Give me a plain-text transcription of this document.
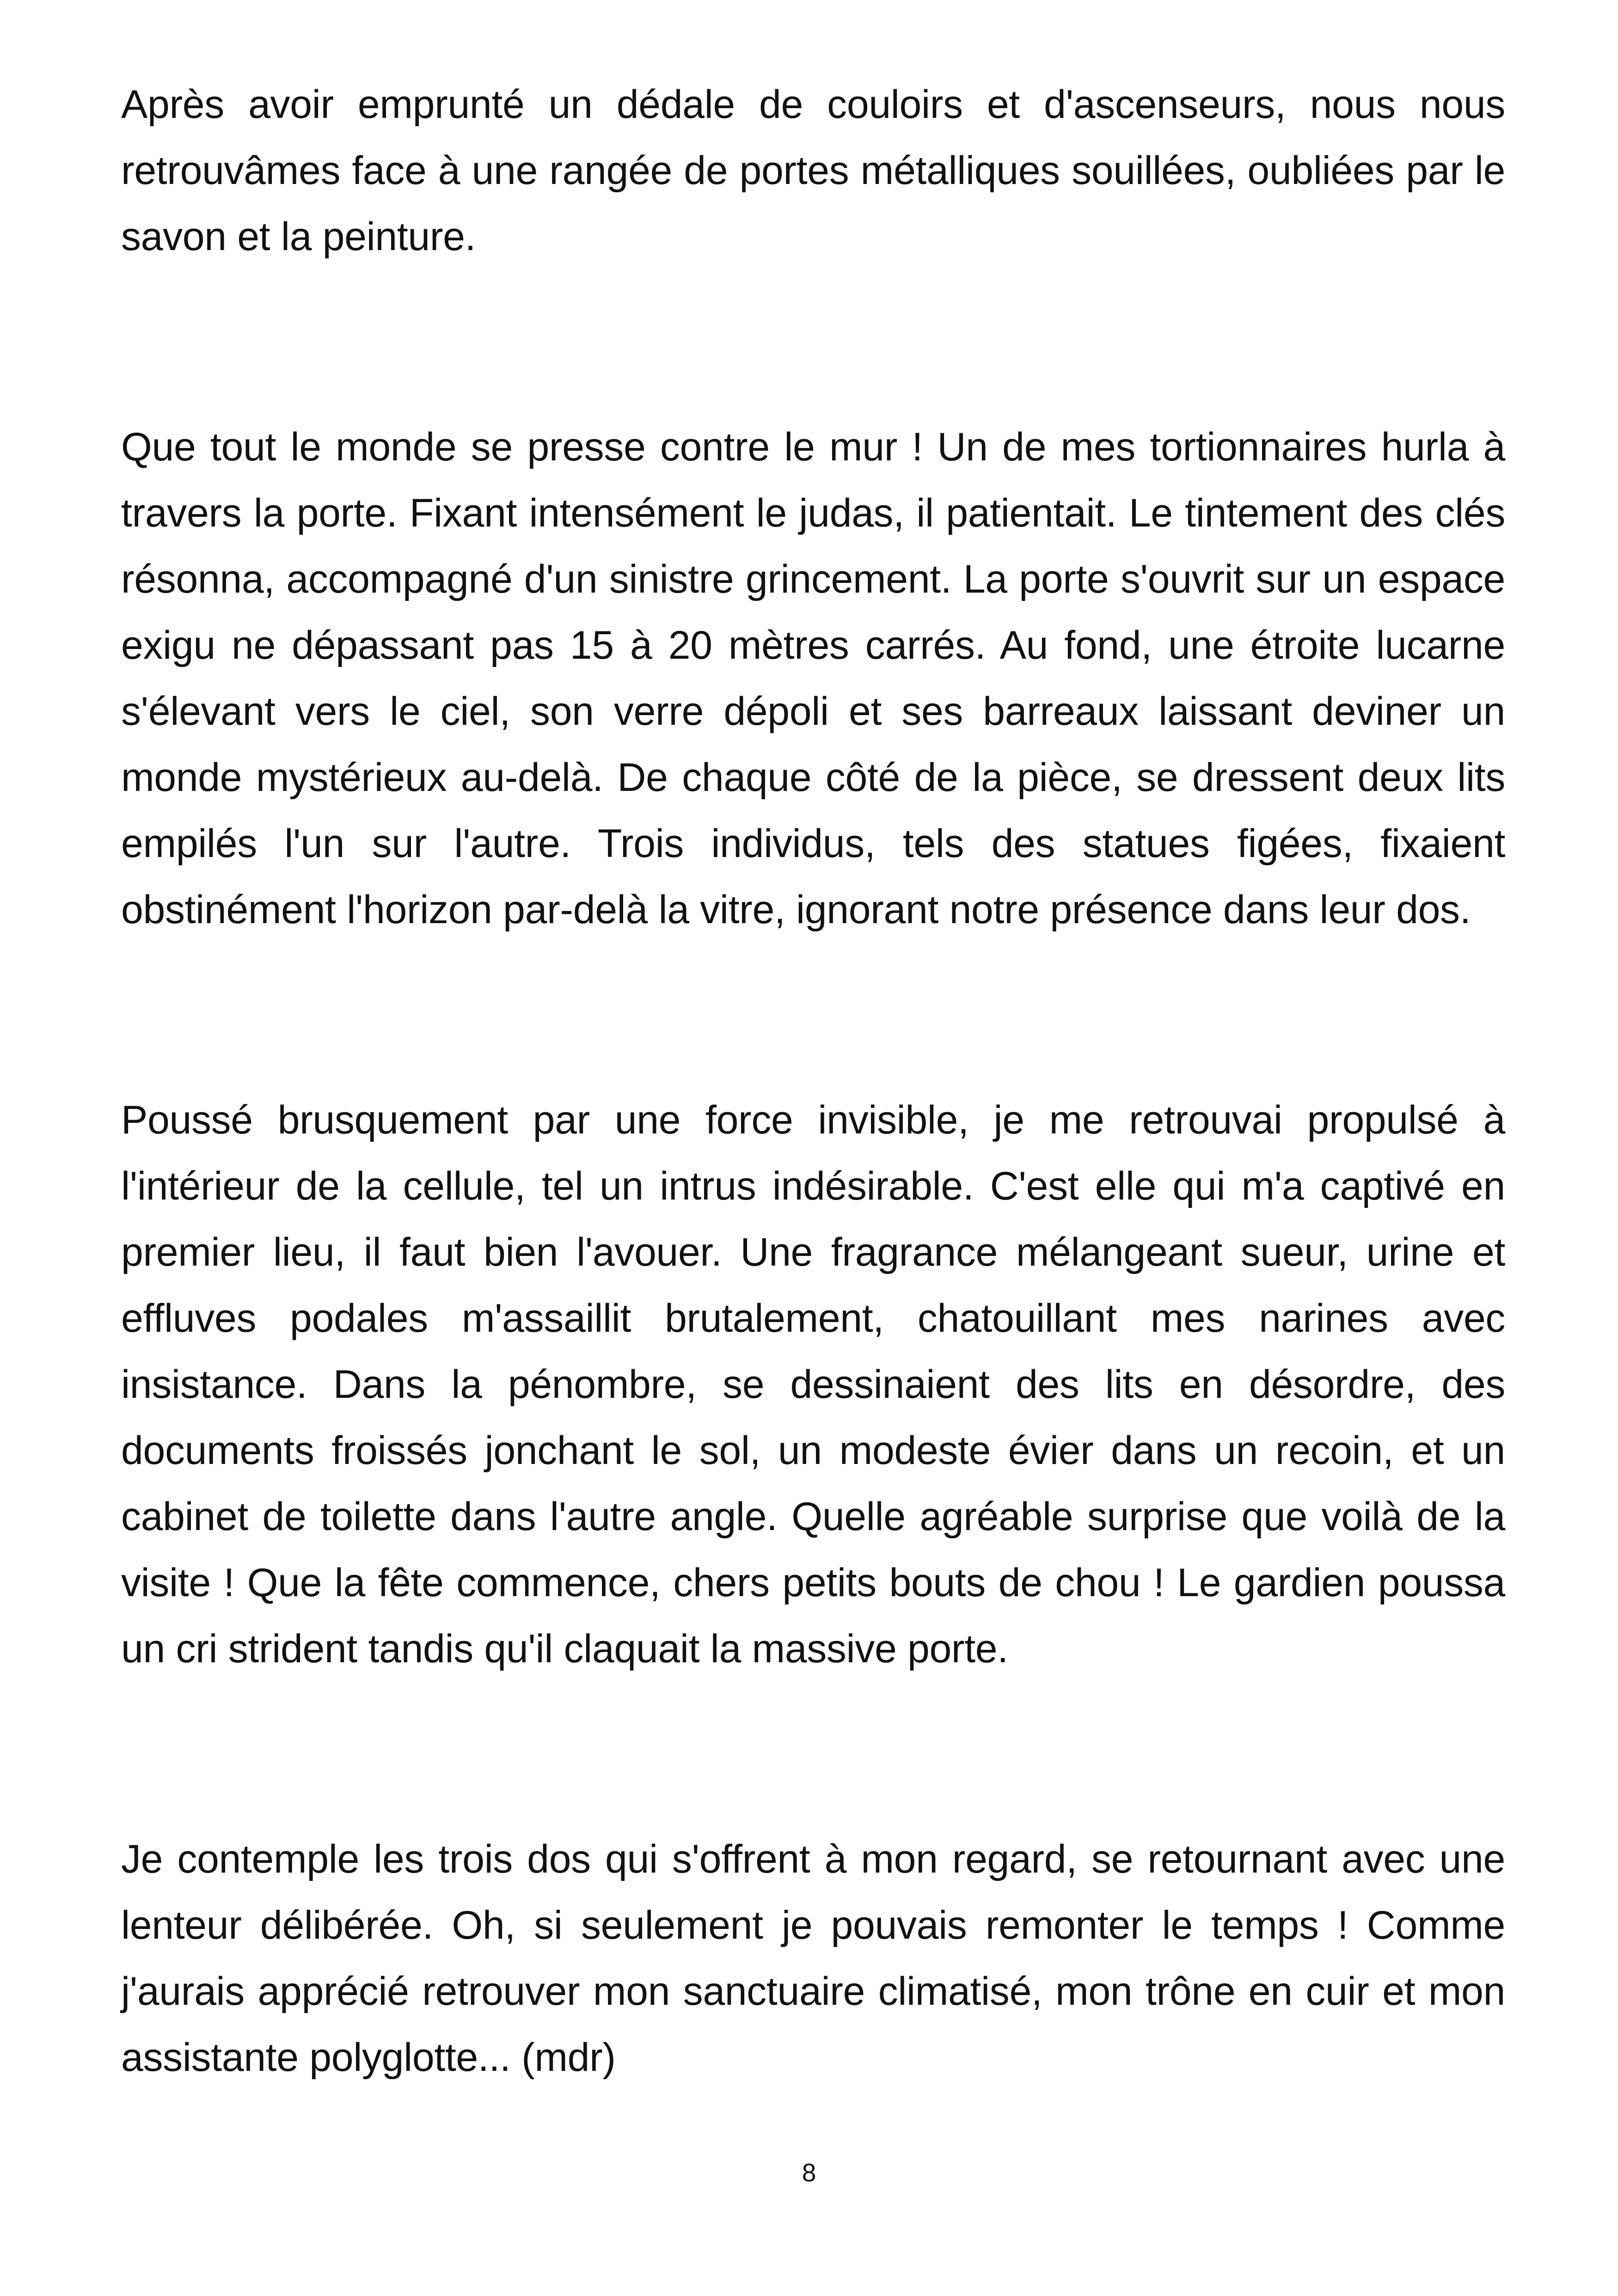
Après avoir emprunté un dédale de couloirs et d'ascenseurs, nous nous retrouvâmes face à une rangée de portes métalliques souillées, oubliées par le savon et la peinture.

Que tout le monde se presse contre le mur ! Un de mes tortionnaires hurla à travers la porte. Fixant intensément le judas, il patientait. Le tintement des clés résonna, accompagné d'un sinistre grincement. La porte s'ouvrit sur un espace exigu ne dépassant pas 15 à 20 mètres carrés. Au fond, une étroite lucarne s'élevant vers le ciel, son verre dépoli et ses barreaux laissant deviner un monde mystérieux au-delà. De chaque côté de la pièce, se dressent deux lits empilés l'un sur l'autre. Trois individus, tels des statues figées, fixaient obstinément l'horizon par-delà la vitre, ignorant notre présence dans leur dos.

Poussé brusquement par une force invisible, je me retrouvai propulsé à l'intérieur de la cellule, tel un intrus indésirable. C'est elle qui m'a captivé en premier lieu, il faut bien l'avouer. Une fragrance mélangeant sueur, urine et effluves podales m'assaillit brutalement, chatouillant mes narines avec insistance. Dans la pénombre, se dessinaient des lits en désordre, des documents froissés jonchant le sol, un modeste évier dans un recoin, et un cabinet de toilette dans l'autre angle. Quelle agréable surprise que voilà de la visite ! Que la fête commence, chers petits bouts de chou ! Le gardien poussa un cri strident tandis qu'il claquait la massive porte.

Je contemple les trois dos qui s'offrent à mon regard, se retournant avec une lenteur délibérée. Oh, si seulement je pouvais remonter le temps ! Comme j'aurais apprécié retrouver mon sanctuaire climatisé, mon trône en cuir et mon assistante polyglotte... (mdr)

8
